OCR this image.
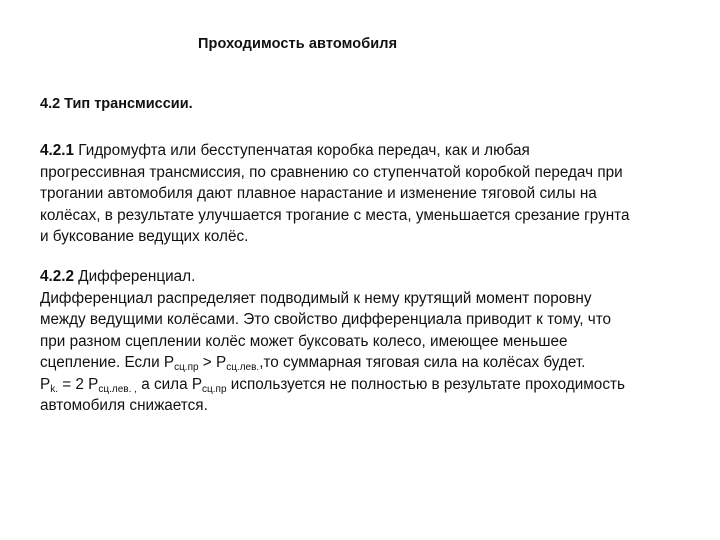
Проходимость автомобиля
4.2 Тип трансмиссии.
4.2.1 Гидромуфта или бесступенчатая коробка передач, как и любая
прогрессивная трансмиссия, по сравнению со ступенчатой коробкой передач при
трогании автомобиля дают плавное нарастание и изменение тяговой силы на
колёсах, в результате улучшается трогание с места, уменьшается срезание грунта
и буксование ведущих колёс.
4.2.2 Дифференциал.
Дифференциал распределяет подводимый к нему крутящий момент поровну
между ведущими колёсами. Это свойство дифференциала приводит к тому, что
при разном сцеплении колёс может буксовать колесо, имеющее меньшее
сцепление. Если $Р_{сц.пр} > Р_{сц.лев.},то$ суммарная тяговая сила на колёсах будет.
$Р_{k.} = 2$ $Р_{сц.лев. ,}$ а сила $Р_{сц.пр}$ используется не полностью в результате проходимость
автомобиля снижается.
